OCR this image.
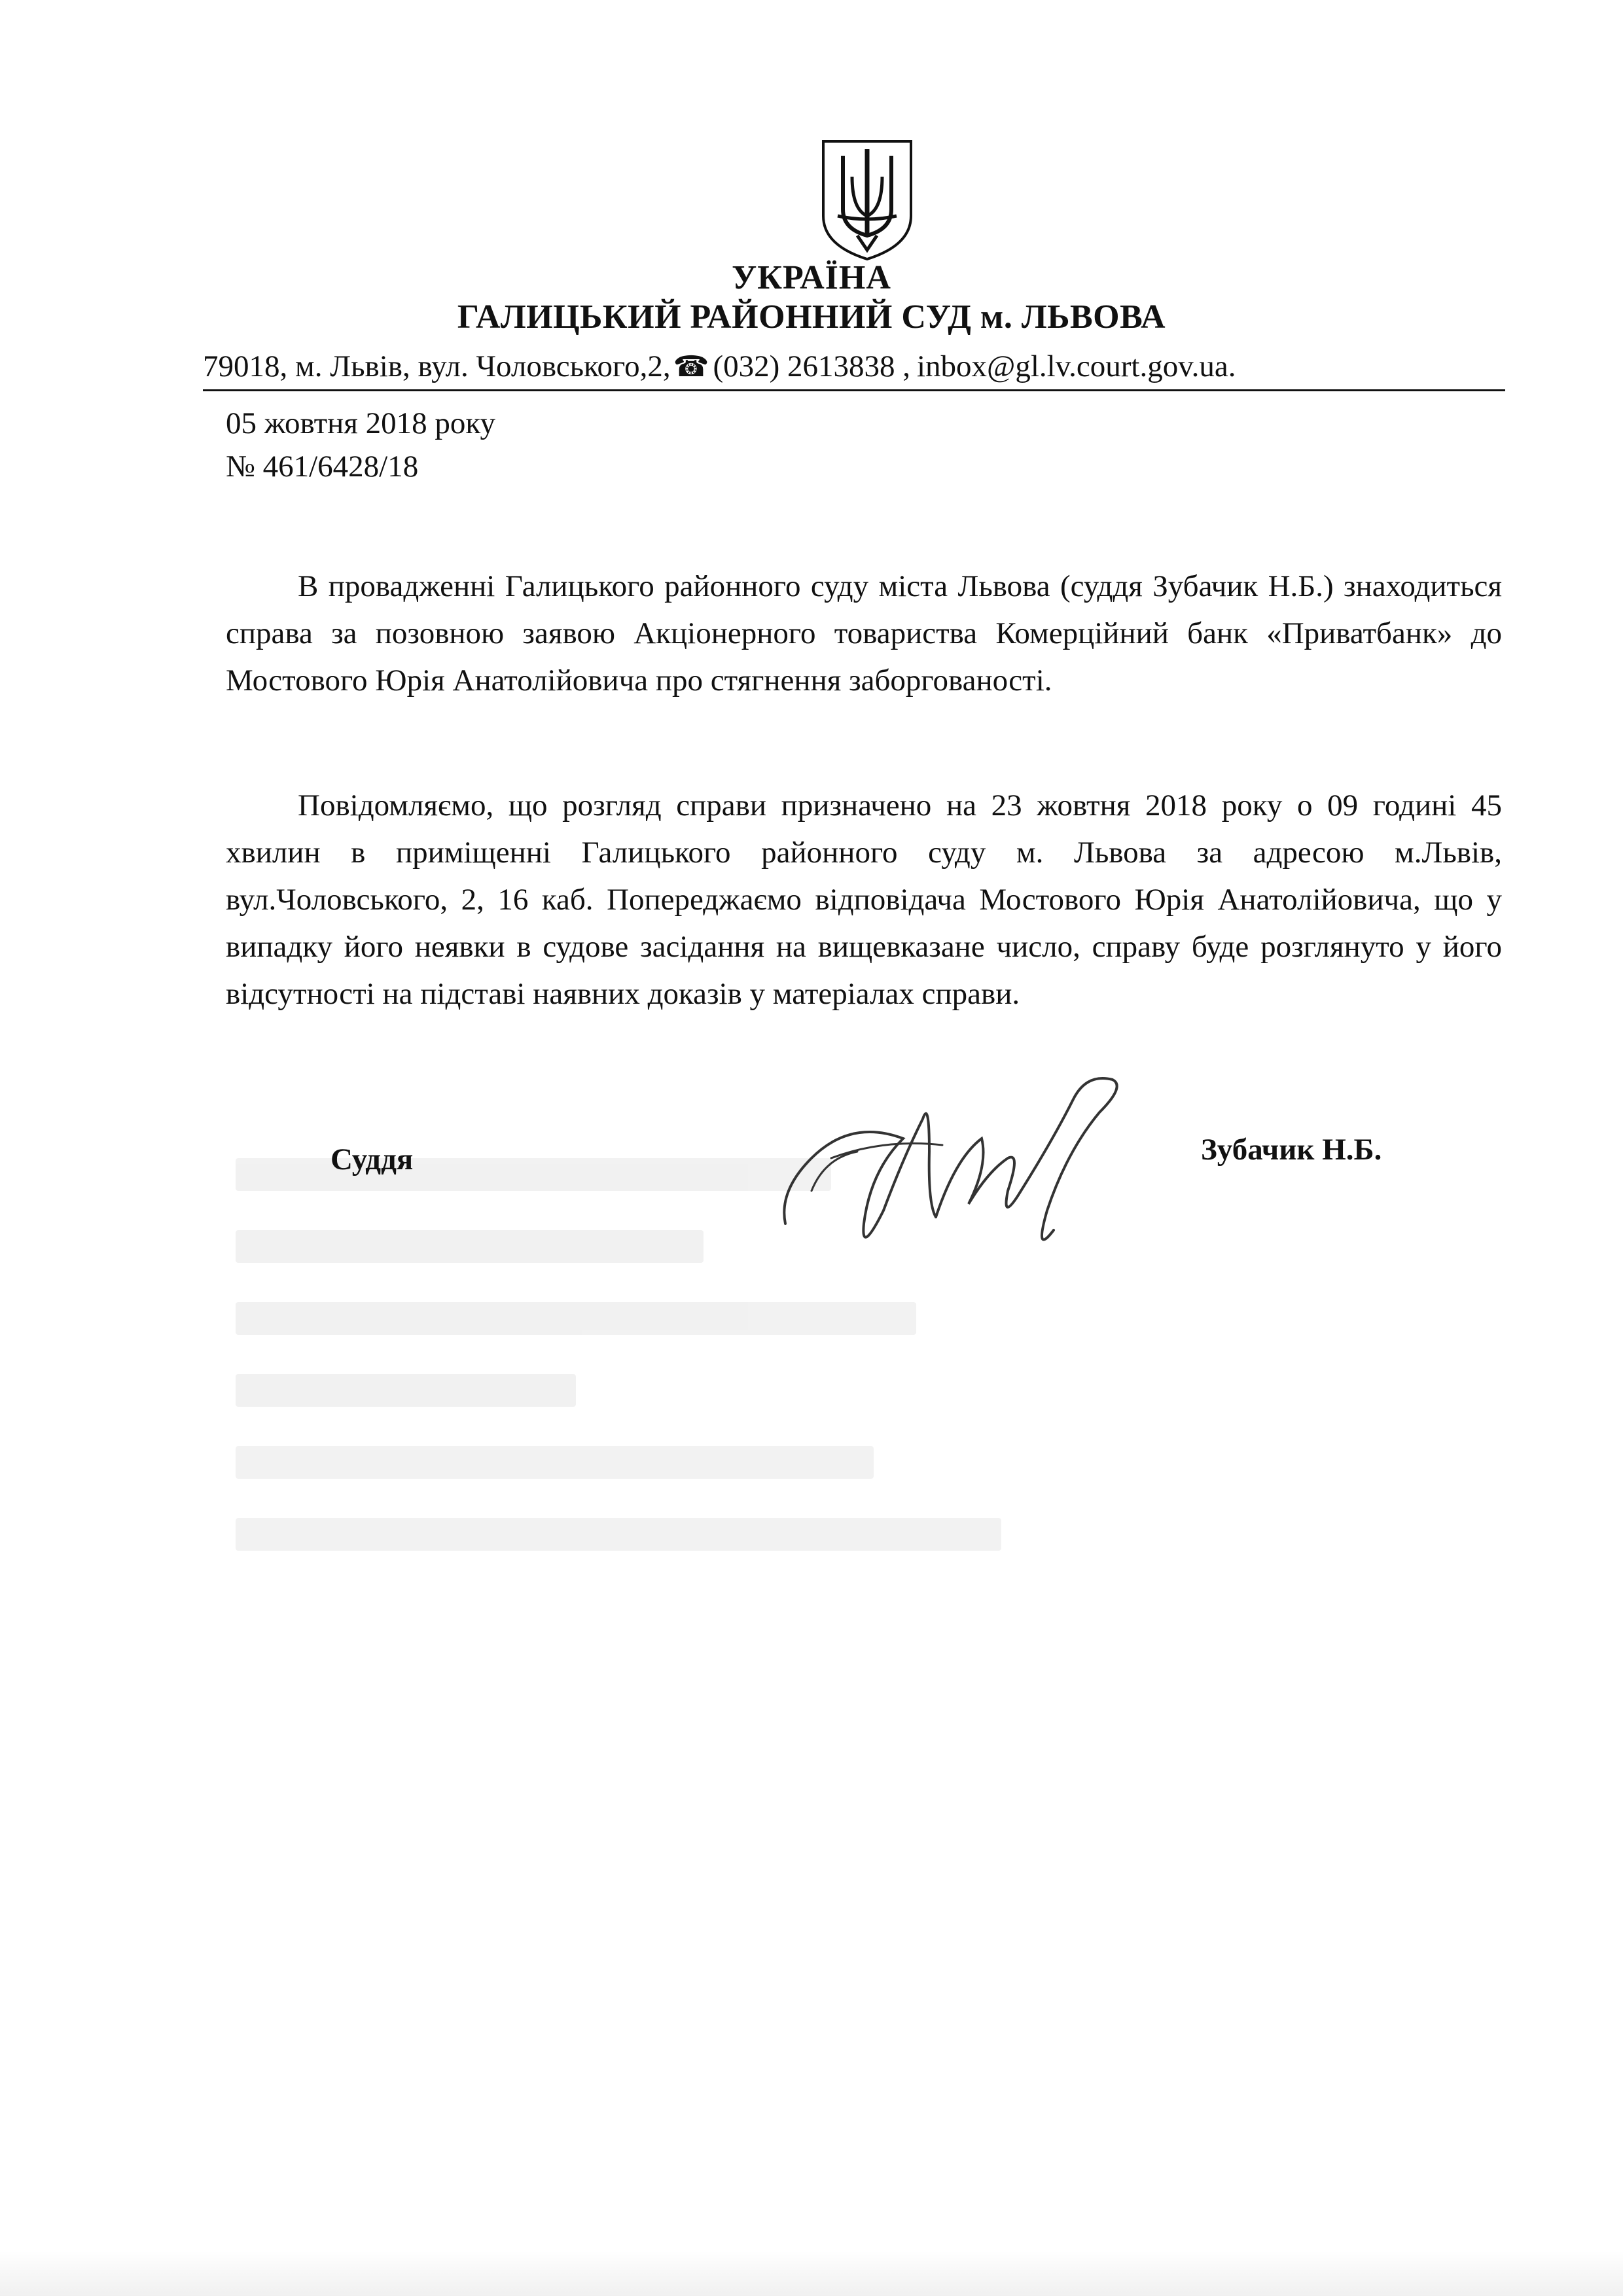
УКРАЇНА
ГАЛИЦЬКИЙ РАЙОННИЙ СУД м. ЛЬВОВА
79018, м. Львів, вул. Чоловського,2,☎ (032) 2613838 , inbox@gl.lv.court.gov.ua.
05 жовтня 2018 року
№ 461/6428/18
В провадженні Галицького районного суду міста Львова (суддя Зубачик Н.Б.) знаходиться справа за позовною заявою Акціонерного товариства Комерційний банк «Приватбанк» до Мостового Юрія Анатолійовича про стягнення заборгованості.
Повідомляємо, що розгляд справи призначено на 23 жовтня 2018 року о 09 годині 45 хвилин в приміщенні Галицького районного суду м. Львова за адресою м.Львів, вул.Чоловського, 2, 16 каб. Попереджаємо відповідача Мостового Юрія Анатолійовича, що у випадку його неявки в судове засідання на вищевказане число, справу буде розглянуто у його відсутності на підставі наявних доказів у матеріалах справи.
Суддя	Зубачик Н.Б.
